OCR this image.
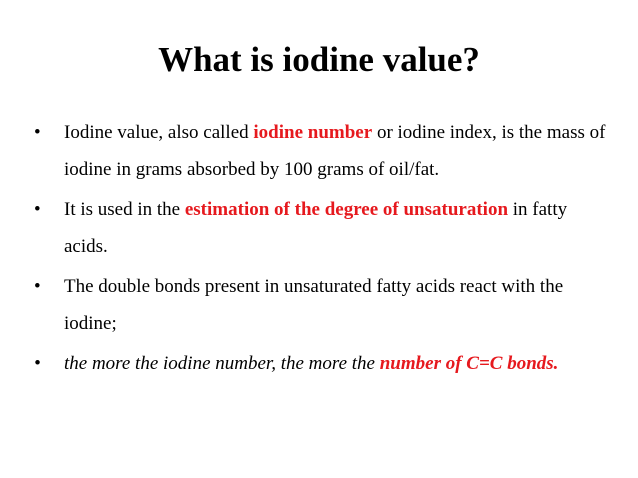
What is iodine value?
• Iodine value, also called iodine number or iodine index, is the mass of iodine in grams absorbed by 100 grams of oil/fat.
• It is used in the estimation of the degree of unsaturation in fatty acids.
• The double bonds present in unsaturated fatty acids react with the iodine;
• the more the iodine number, the more the number of C=C bonds.
